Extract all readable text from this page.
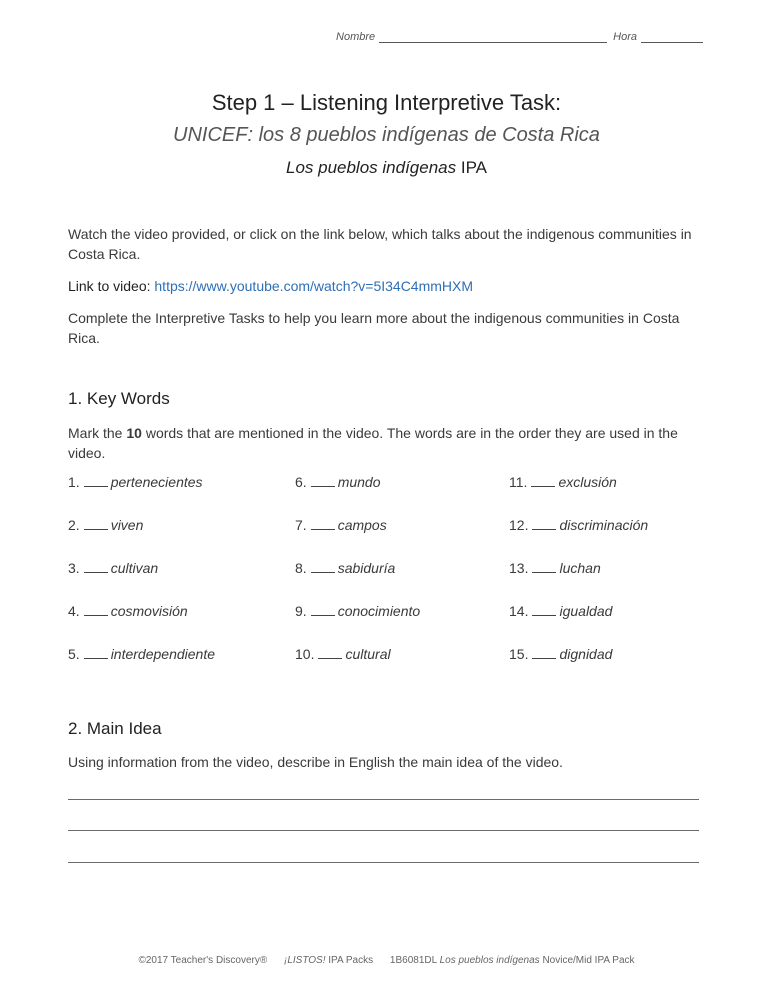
Nombre	Hora
Step 1 – Listening Interpretive Task:
UNICEF: los 8 pueblos indígenas de Costa Rica
Los pueblos indígenas IPA

Watch the video provided, or click on the link below, which talks about the indigenous communities in Costa Rica.

Link to video: https://www.youtube.com/watch?v=5I34C4mmHXM

Complete the Interpretive Tasks to help you learn more about the indigenous communities in Costa Rica.

1. Key Words

Mark the 10 words that are mentioned in the video. The words are in the order they are used in the video.

1. pertenecientes
2. viven
3. cultivan
4. cosmovisión
5. interdependiente
6. mundo
7. campos
8. sabiduría
9. conocimiento
10. cultural
11. exclusión
12. discriminación
13. luchan
14. igualdad
15. dignidad
2. Main Idea

Using information from the video, describe in English the main idea of the video.

©2017 Teacher's Discovery® ¡LISTOS! IPA Packs 1B6081DL Los pueblos indígenas Novice/Mid IPA Pack
